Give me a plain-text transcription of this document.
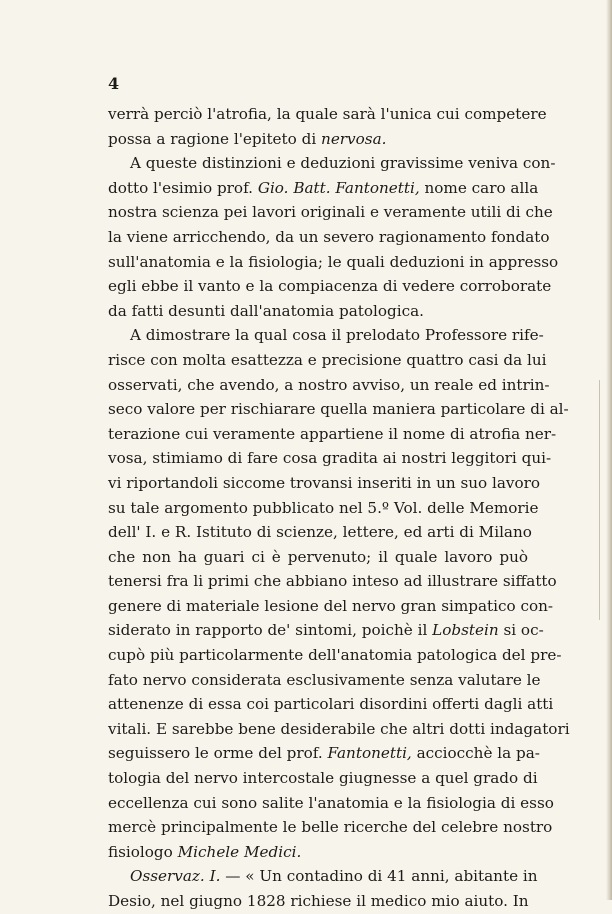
4
verrà perciò l'atrofia, la quale sarà l'unica cui competere
possa a ragione l'epiteto di nervosa.
A queste distinzioni e deduzioni gravissime veniva con-
dotto l'esimio prof. Gio. Batt. Fantonetti, nome caro alla
nostra scienza pei lavori originali e veramente utili di che
la viene arricchendo, da un severo ragionamento fondato
sull'anatomia e la fisiologia; le quali deduzioni in appresso
egli ebbe il vanto e la compiacenza di vedere corroborate
da fatti desunti dall'anatomia patologica.
A dimostrare la qual cosa il prelodato Professore rife-
risce con molta esattezza e precisione quattro casi da lui
osservati, che avendo, a nostro avviso, un reale ed intrin-
seco valore per rischiarare quella maniera particolare di al-
terazione cui veramente appartiene il nome di atrofia ner-
vosa, stimiamo di fare cosa gradita ai nostri leggitori qui-
vi riportandoli siccome trovansi inseriti in un suo lavoro
su tale argomento pubblicato nel 5.º Vol. delle Memorie
dell' I. e R. Istituto di scienze, lettere, ed arti di Milano
che non ha guari ci è pervenuto; il quale lavoro può
tenersi fra li primi che abbiano inteso ad illustrare siffatto
genere di materiale lesione del nervo gran simpatico con-
siderato in rapporto de' sintomi, poichè il Lobstein si oc-
cupò più particolarmente dell'anatomia patologica del pre-
fato nervo considerata esclusivamente senza valutare le
attenenze di essa coi particolari disordini offerti dagli atti
vitali. E sarebbe bene desiderabile che altri dotti indagatori
seguissero le orme del prof. Fantonetti, acciocchè la pa-
tologia del nervo intercostale giugnesse a quel grado di
eccellenza cui sono salite l'anatomia e la fisiologia di esso
mercè principalmente le belle ricerche del celebre nostro
fisiologo Michele Medici.
Osservaz. I. — « Un contadino di 41 anni, abitante in
Desio, nel giugno 1828 richiese il medico mio aiuto. In
